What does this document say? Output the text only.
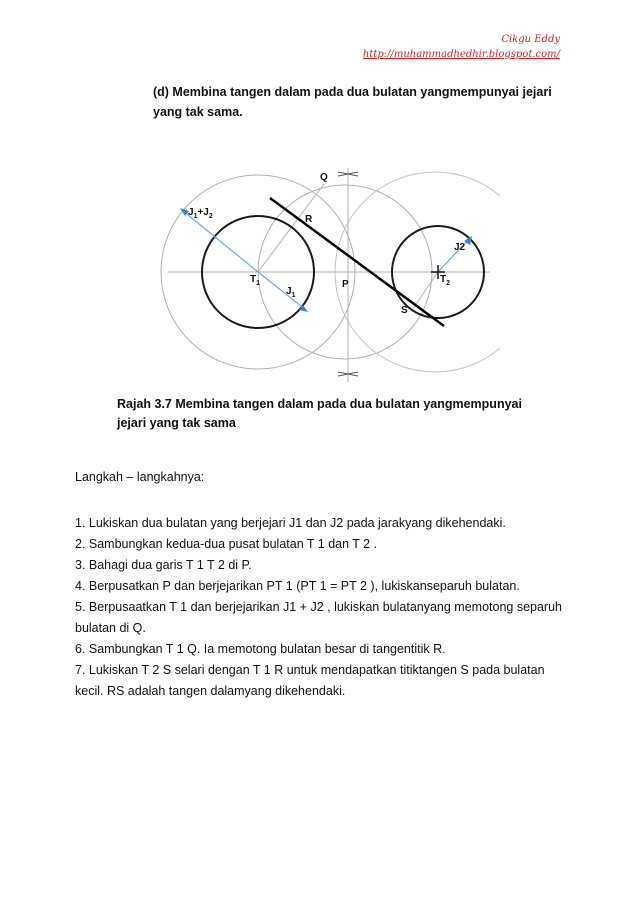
Cikgu Eddy
http://muhammadhedhir.blogspot.com/
(d) Membina tangen dalam pada dua bulatan yangmempunyai jejari yang tak sama.
Q
R
P
S
$T_1$	$T_2$
$J_1$
J2
$J_1+J_2$
Rajah 3.7 Membina tangen dalam pada dua bulatan yangmempunyai jejari yang tak sama
Langkah – langkahnya:
1. Lukiskan dua bulatan yang berjejari J1 dan J2 pada jarakyang dikehendaki.
2. Sambungkan kedua-dua pusat bulatan T 1 dan T 2 .
3. Bahagi dua garis T 1 T 2 di P.
4. Berpusatkan P dan berjejarikan PT 1 (PT 1 = PT 2 ), lukiskanseparuh bulatan.
5. Berpusaatkan T 1 dan berjejarikan J1 + J2 , lukiskan bulatanyang memotong separuh bulatan di Q.
6. Sambungkan T 1 Q. Ia memotong bulatan besar di tangentitik R.
7. Lukiskan T 2 S selari dengan T 1 R untuk mendapatkan titiktangen S pada bulatan kecil. RS adalah tangen dalamyang dikehendaki.
